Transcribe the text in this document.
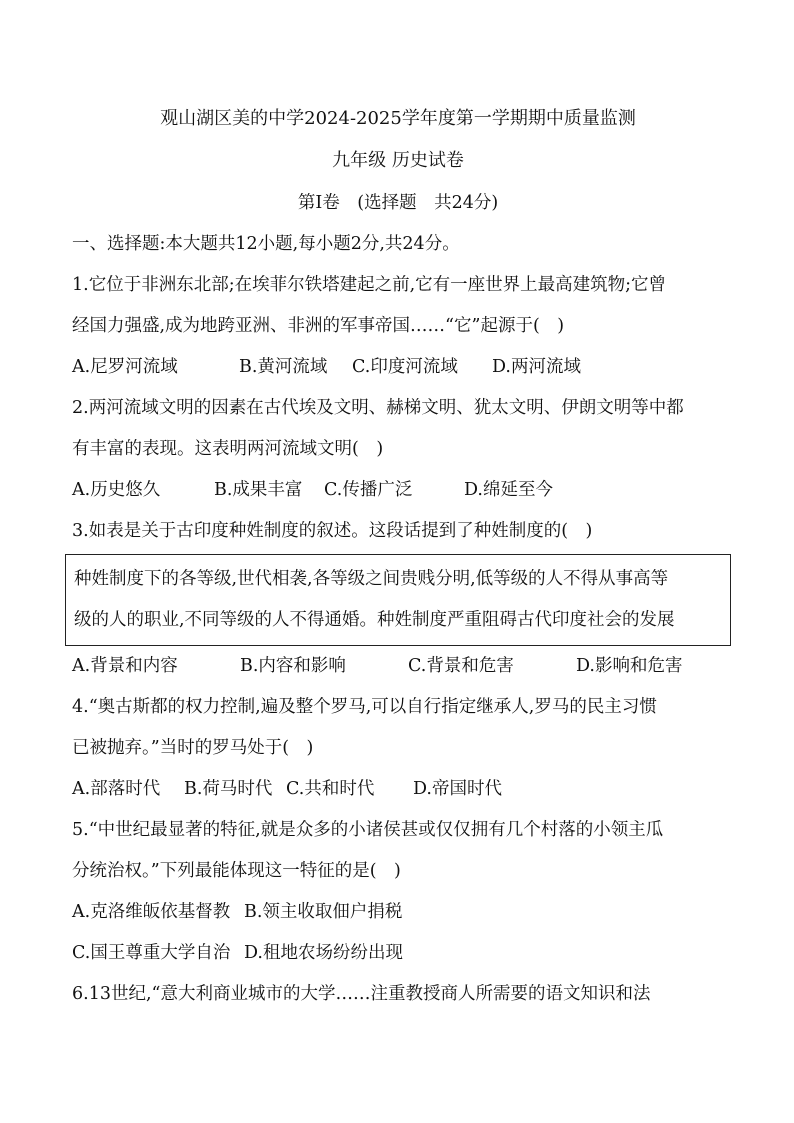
观山湖区美的中学2024-2025学年度第一学期期中质量监测

九年级 历史试卷

第Ⅰ卷　(选择题　共24分)

一、选择题:本大题共12小题,每小题2分,共24分。

1.它位于非洲东北部;在埃菲尔铁塔建起之前,它有一座世界上最高建筑物;它曾

经国力强盛,成为地跨亚洲、非洲的军事帝国……“它”起源于(　)

A.尼罗河流域	B.黄河流域 C.印度河流域 D.两河流域

2.两河流域文明的因素在古代埃及文明、赫梯文明、犹太文明、伊朗文明等中都

有丰富的表现。这表明两河流域文明(　)

A.历史悠久	B.成果丰富 C.传播广泛	D.绵延至今

3.如表是关于古印度种姓制度的叙述。这段话提到了种姓制度的(　)

种姓制度下的各等级,世代相袭,各等级之间贵贱分明,低等级的人不得从事高等

级的人的职业,不同等级的人不得通婚。种姓制度严重阻碍古代印度社会的发展

A.背景和内容	B.内容和影响	C.背景和危害	D.影响和危害

4.“奥古斯都的权力控制,遍及整个罗马,可以自行指定继承人,罗马的民主习惯

已被抛弃。”当时的罗马处于(　)

A.部落时代 B.荷马时代 C.共和时代 D.帝国时代

5.“中世纪最显著的特征,就是众多的小诸侯甚或仅仅拥有几个村落的小领主瓜

分统治权。”下列最能体现这一特征的是(　)

A.克洛维皈依基督教 B.领主收取佃户捐税

C.国王尊重大学自治 D.租地农场纷纷出现

6.13世纪,“意大利商业城市的大学……注重教授商人所需要的语文知识和法
